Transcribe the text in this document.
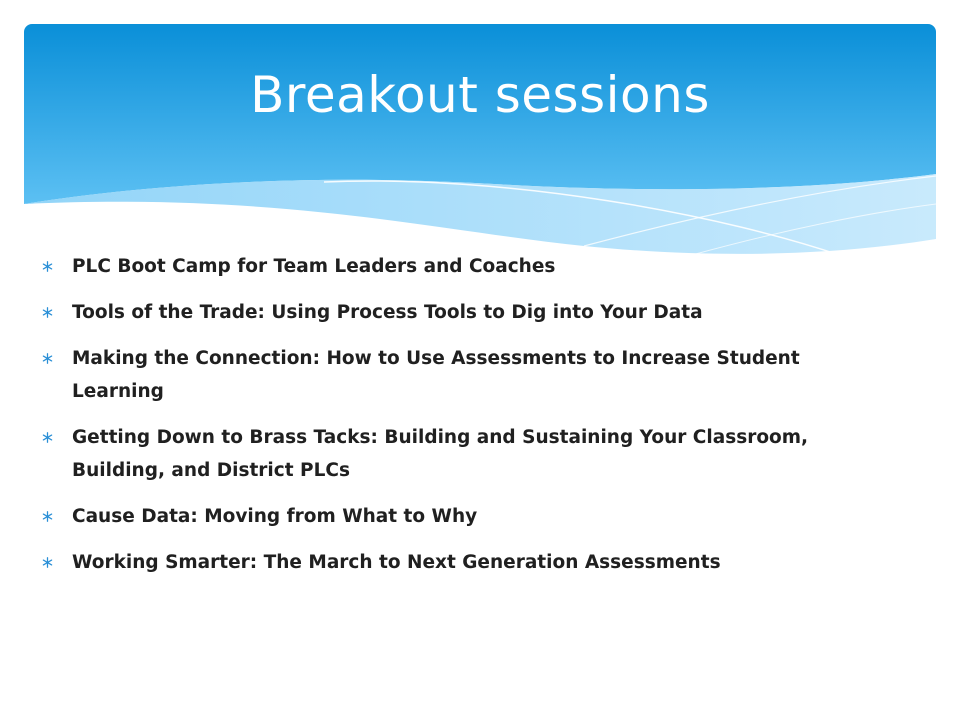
Breakout sessions
PLC Boot Camp for Team Leaders and Coaches
Tools of the Trade: Using Process Tools to Dig into Your Data
Making the Connection: How to Use Assessments to Increase Student Learning
Getting Down to Brass Tacks: Building and Sustaining Your Classroom, Building, and District PLCs
Cause Data: Moving from What to Why
Working Smarter: The March to Next Generation Assessments
